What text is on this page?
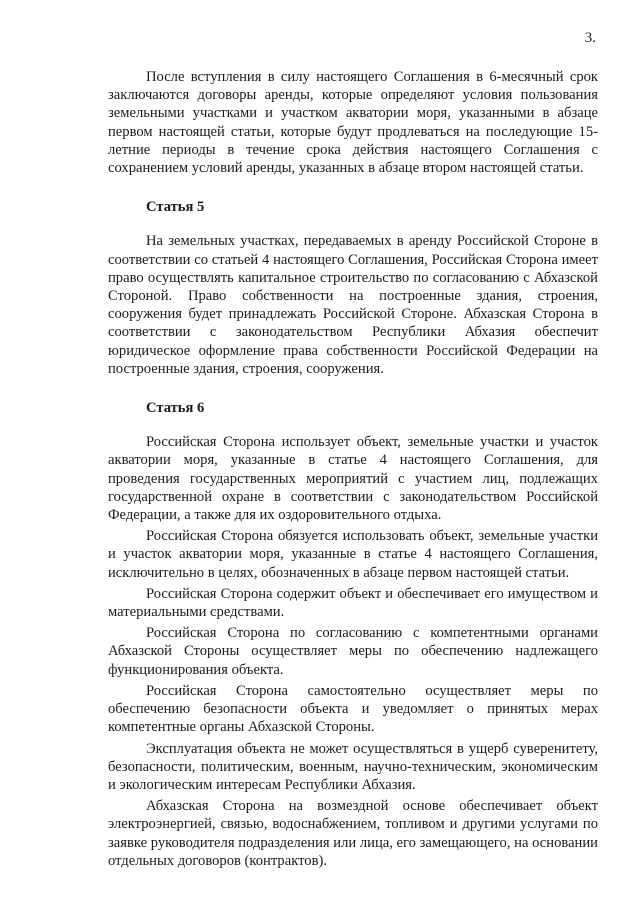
3.

После вступления в силу настоящего Соглашения в 6-месячный срок заключаются договоры аренды, которые определяют условия пользования земельными участками и участком акватории моря, указанными в абзаце первом настоящей статьи, которые будут продлеваться на последующие 15-летние периоды в течение срока действия настоящего Соглашения с сохранением условий аренды, указанных в абзаце втором настоящей статьи.

Статья 5

На земельных участках, передаваемых в аренду Российской Стороне в соответствии со статьей 4 настоящего Соглашения, Российская Сторона имеет право осуществлять капитальное строительство по согласованию с Абхазской Стороной. Право собственности на построенные здания, строения, сооружения будет принадлежать Российской Стороне. Абхазская Сторона в соответствии с законодательством Республики Абхазия обеспечит юридическое оформление права собственности Российской Федерации на построенные здания, строения, сооружения.

Статья 6

Российская Сторона использует объект, земельные участки и участок акватории моря, указанные в статье 4 настоящего Соглашения, для проведения государственных мероприятий с участием лиц, подлежащих государственной охране в соответствии с законодательством Российской Федерации, а также для их оздоровительного отдыха.

Российская Сторона обязуется использовать объект, земельные участки и участок акватории моря, указанные в статье 4 настоящего Соглашения, исключительно в целях, обозначенных в абзаце первом настоящей статьи.

Российская Сторона содержит объект и обеспечивает его имуществом и материальными средствами.

Российская Сторона по согласованию с компетентными органами Абхазской Стороны осуществляет меры по обеспечению надлежащего функционирования объекта.

Российская Сторона самостоятельно осуществляет меры по обеспечению безопасности объекта и уведомляет о принятых мерах компетентные органы Абхазской Стороны.

Эксплуатация объекта не может осуществляться в ущерб суверенитету, безопасности, политическим, военным, научно-техническим, экономическим и экологическим интересам Республики Абхазия.

Абхазская Сторона на возмездной основе обеспечивает объект электроэнергией, связью, водоснабжением, топливом и другими услугами по заявке руководителя подразделения или лица, его замещающего, на основании отдельных договоров (контрактов).
